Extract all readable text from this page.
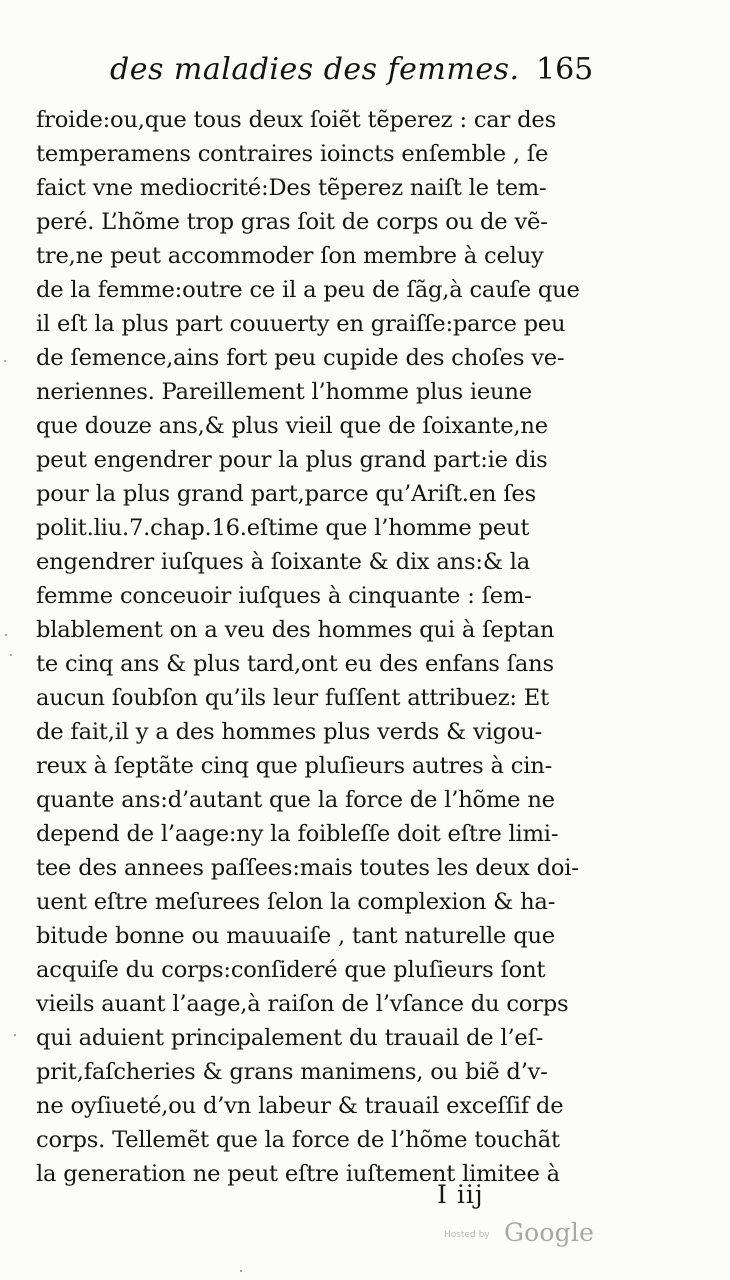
des maladies des femmes. 165
froide:ou,que tous deux ſoiẽt tẽperez : car des
temperamens contraires ioincts enſemble , ſe
faict vne mediocrité:Des tẽperez naiſt le tem-
peré. L’hõme trop gras ſoit de corps ou de vẽ-
tre,ne peut accommoder ſon membre à celuy
de la femme:outre ce il a peu de ſãg,à cauſe que
il eſt la plus part couuerty en graiſſe:parce peu
de ſemence,ains fort peu cupide des choſes ve-
neriennes. Pareillement l’homme plus ieune
que douze ans,& plus vieil que de ſoixante,ne
peut engendrer pour la plus grand part:ie dis
pour la plus grand part,parce qu’Ariſt.en ſes
polit.liu.7.chap.16.eſtime que l’homme peut
engendrer iuſques à ſoixante & dix ans:& la
femme conceuoir iuſques à cinquante : ſem-
blablement on a veu des hommes qui à ſeptan
te cinq ans & plus tard,ont eu des enfans ſans
aucun ſoubſon qu’ils leur fuſſent attribuez: Et
de fait,il y a des hommes plus verds & vigou-
reux à ſeptãte cinq que pluſieurs autres à cin-
quante ans:d’autant que la force de l’hõme ne
depend de l’aage:ny la foibleſſe doit eſtre limi-
tee des annees paſſees:mais toutes les deux doi-
uent eſtre meſurees ſelon la complexion & ha-
bitude bonne ou mauuaiſe , tant naturelle que
acquiſe du corps:conſideré que pluſieurs ſont
vieils auant l’aage,à raiſon de l’vſance du corps
qui aduient principalement du trauail de l’eſ-
prit,faſcheries & grans manimens, ou biẽ d’v-
ne oyſiueté,ou d’vn labeur & trauail exceſſif de
corps. Tellemẽt que la force de l’hõme touchãt
la generation ne peut eſtre iuſtement limitee à
I iij
Hosted by Google
